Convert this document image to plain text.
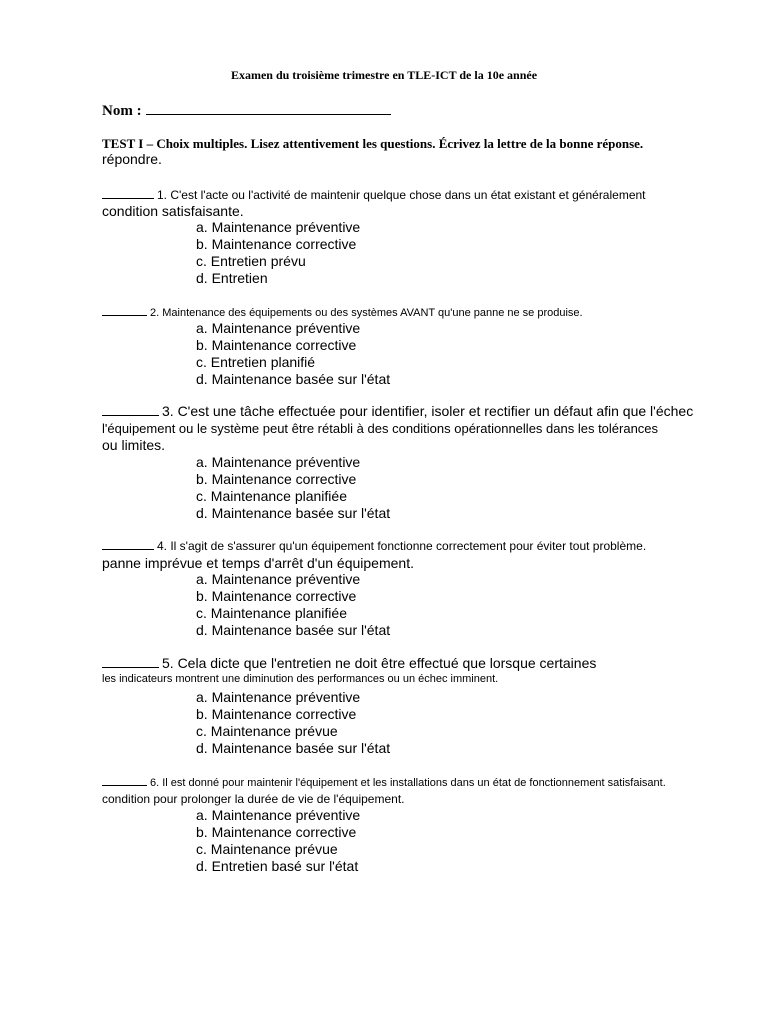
Examen du troisième trimestre en TLE-ICT de la 10e année
Nom :
TEST I – Choix multiples. Lisez attentivement les questions. Écrivez la lettre de la bonne réponse.
répondre.
1. C'est l'acte ou l'activité de maintenir quelque chose dans un état existant et généralement
condition satisfaisante.
a. Maintenance préventive
b. Maintenance corrective
c. Entretien prévu
d. Entretien
2. Maintenance des équipements ou des systèmes AVANT qu'une panne ne se produise.
a. Maintenance préventive
b. Maintenance corrective
c. Entretien planifié
d. Maintenance basée sur l'état
3. C'est une tâche effectuée pour identifier, isoler et rectifier un défaut afin que l'échec
l'équipement ou le système peut être rétabli à des conditions opérationnelles dans les tolérances
ou limites.
a. Maintenance préventive
b. Maintenance corrective
c. Maintenance planifiée
d. Maintenance basée sur l'état
4. Il s'agit de s'assurer qu'un équipement fonctionne correctement pour éviter tout problème.
panne imprévue et temps d'arrêt d'un équipement.
a. Maintenance préventive
b. Maintenance corrective
c. Maintenance planifiée
d. Maintenance basée sur l'état
5. Cela dicte que l'entretien ne doit être effectué que lorsque certaines
les indicateurs montrent une diminution des performances ou un échec imminent.
a. Maintenance préventive
b. Maintenance corrective
c. Maintenance prévue
d. Maintenance basée sur l'état
6. Il est donné pour maintenir l'équipement et les installations dans un état de fonctionnement satisfaisant.
condition pour prolonger la durée de vie de l'équipement.
a. Maintenance préventive
b. Maintenance corrective
c. Maintenance prévue
d. Entretien basé sur l'état
